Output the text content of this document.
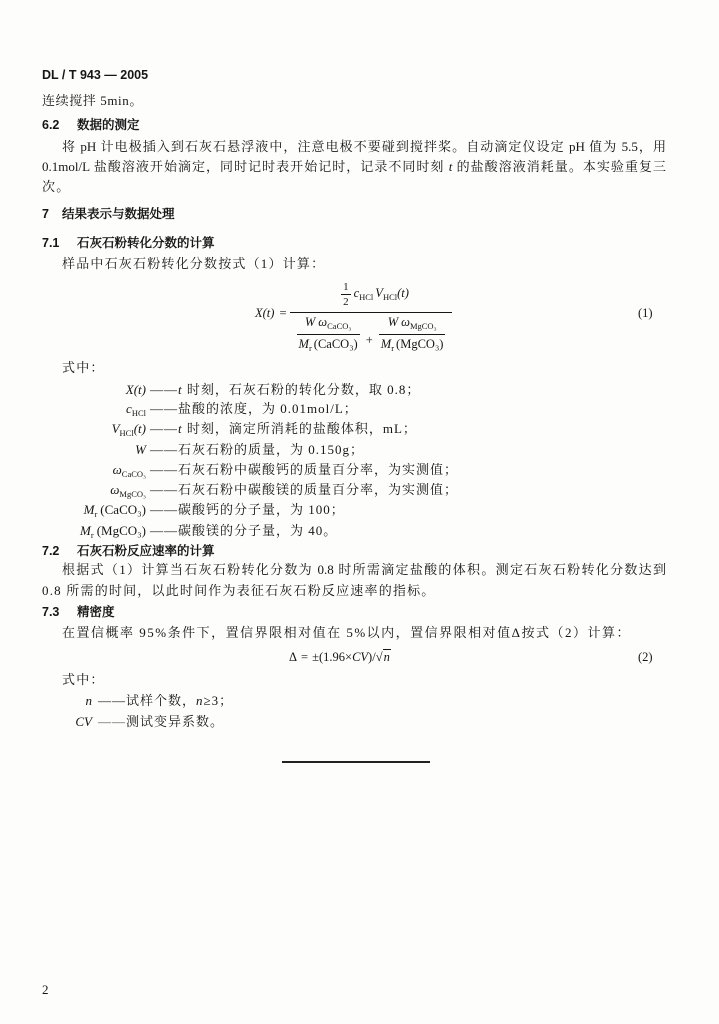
DL / T 943 — 2005
连续搅拌 5min。
6.2 数据的测定
将 pH 计电极插入到石灰石悬浮液中，注意电极不要碰到搅拌桨。自动滴定仪设定 pH 值为 5.5，用
0.1mol/L 盐酸溶液开始滴定，同时记时表开始记时，记录不同时刻 t 的盐酸溶液消耗量。本实验重复三
次。
7 结果表示与数据处理
7.1 石灰石粉转化分数的计算
样品中石灰石粉转化分数按式（1）计算：
X(t) =
$\frac{1}{2} c_{HCl}$ $V_{HCl}(t)$
W $\omega_{CaCO_3}$
$M_r$ (CaCO₃) +
W $\omega_{MgCO_3}$
$M_r$ (MgCO₃)
(1)
式中：
X(t) ——t 时刻，石灰石粉的转化分数，取 0.8；
$c_{HCl}$ ——盐酸的浓度，为 0.01mol/L；
$V_{HCl}(t)$ ——t 时刻，滴定所消耗的盐酸体积，mL；
W ——石灰石粉的质量，为 0.150g；
$\omega_{CaCO_3}$ ——石灰石粉中碳酸钙的质量百分率，为实测值；
$\omega_{MgCO_3}$ ——石灰石粉中碳酸镁的质量百分率，为实测值；
$M_r$ (CaCO₃) ——碳酸钙的分子量，为 100；
$M_r$ (MgCO₃) ——碳酸镁的分子量，为 40。
7.2 石灰石粉反应速率的计算
根据式（1）计算当石灰石粉转化分数为 0.8 时所需滴定盐酸的体积。测定石灰石粉转化分数达到
0.8 所需的时间，以此时间作为表征石灰石粉反应速率的指标。
7.3 精密度
在置信概率 95%条件下，置信界限相对值在 5%以内，置信界限相对值Δ按式（2）计算：
Δ = ±(1.96×CV)/√n	(2)
式中：
n ——试样个数，n≥3；
CV ——测试变异系数。
2
